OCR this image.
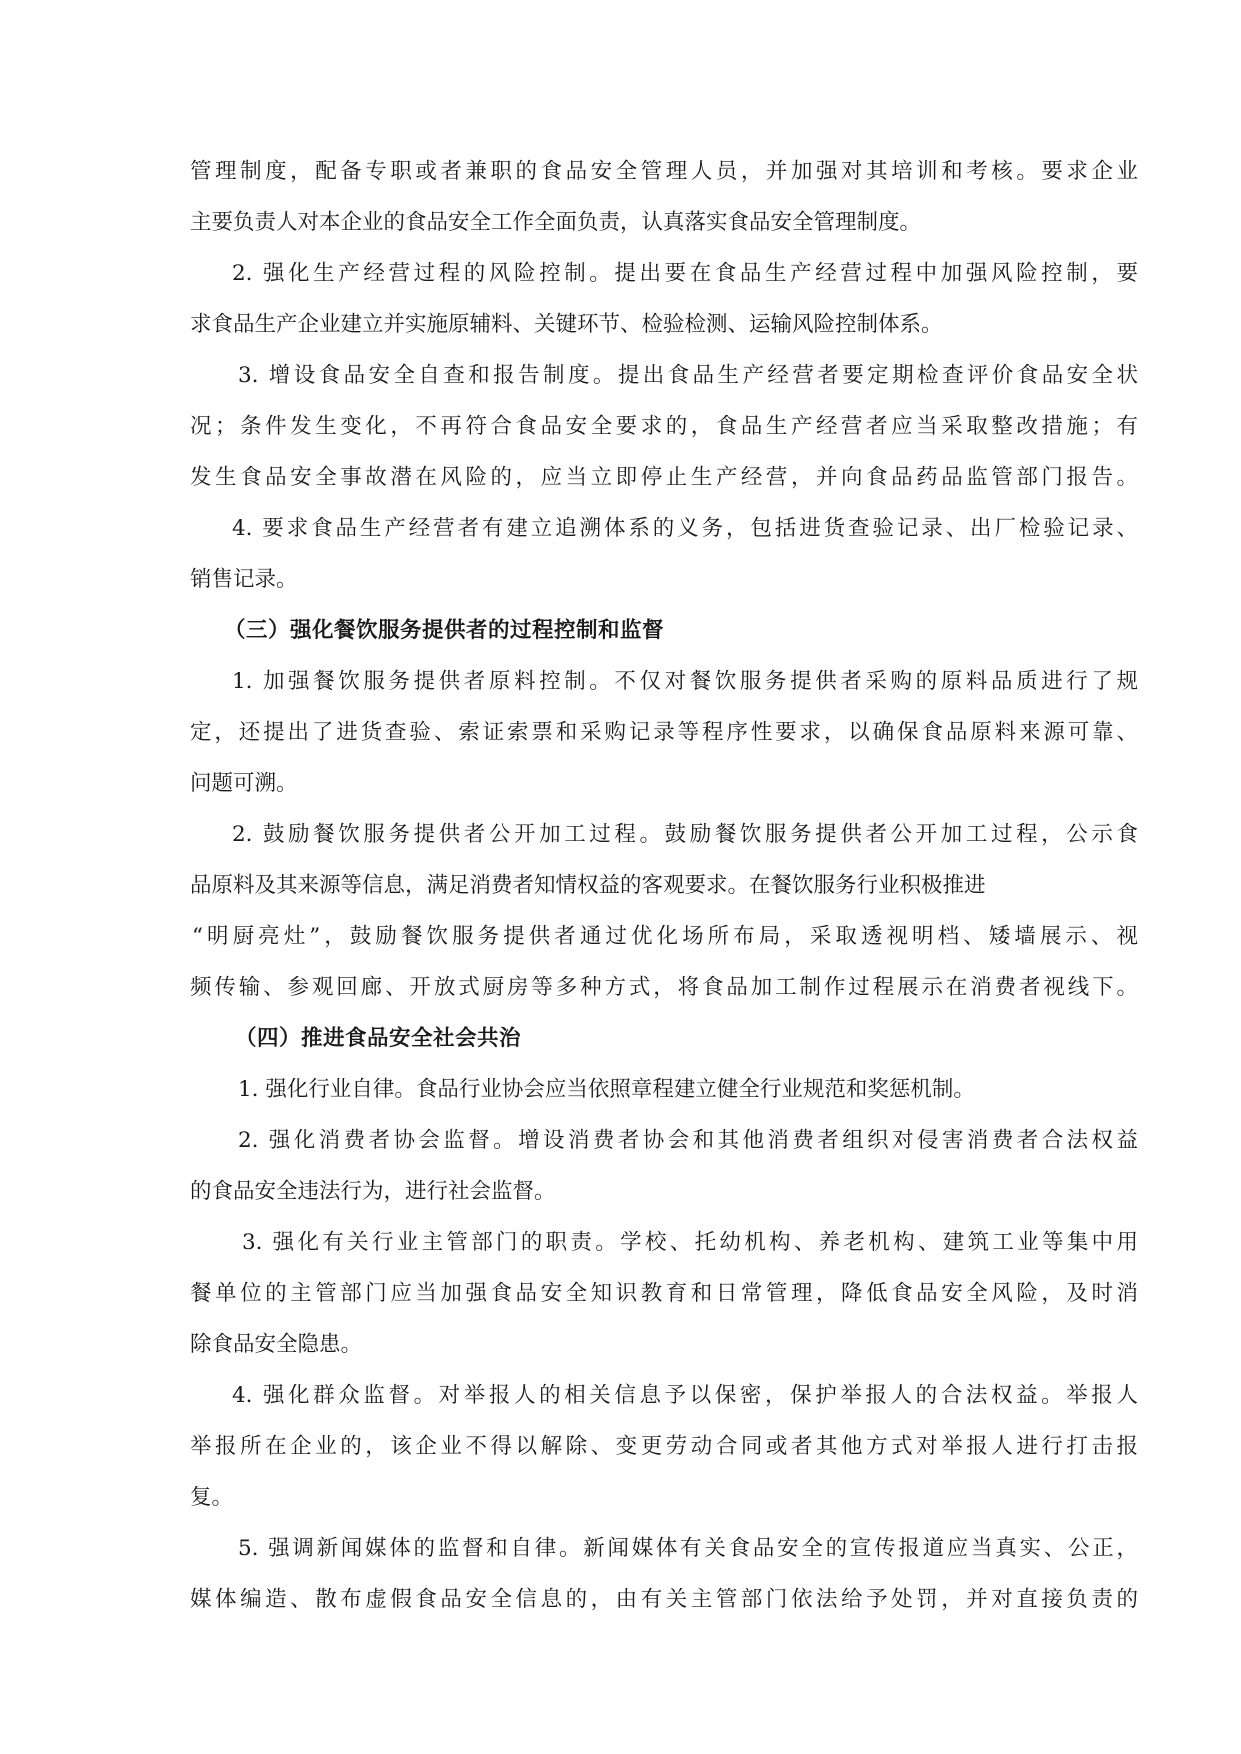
管理制度，配备专职或者兼职的食品安全管理人员，并加强对其培训和考核。要求企业
主要负责人对本企业的食品安全工作全面负责，认真落实食品安全管理制度。
2. 强化生产经营过程的风险控制。提出要在食品生产经营过程中加强风险控制，要
求食品生产企业建立并实施原辅料、关键环节、检验检测、运输风险控制体系。
3. 增设食品安全自查和报告制度。提出食品生产经营者要定期检查评价食品安全状
况；条件发生变化，不再符合食品安全要求的，食品生产经营者应当采取整改措施；有
发生食品安全事故潜在风险的，应当立即停止生产经营，并向食品药品监管部门报告。
4. 要求食品生产经营者有建立追溯体系的义务，包括进货查验记录、出厂检验记录、
销售记录。
（三）强化餐饮服务提供者的过程控制和监督
1. 加强餐饮服务提供者原料控制。不仅对餐饮服务提供者采购的原料品质进行了规
定，还提出了进货查验、索证索票和采购记录等程序性要求，以确保食品原料来源可靠、
问题可溯。
2. 鼓励餐饮服务提供者公开加工过程。鼓励餐饮服务提供者公开加工过程，公示食
品原料及其来源等信息，满足消费者知情权益的客观要求。在餐饮服务行业积极推进
“明厨亮灶”，鼓励餐饮服务提供者通过优化场所布局，采取透视明档、矮墙展示、视
频传输、参观回廊、开放式厨房等多种方式，将食品加工制作过程展示在消费者视线下。
（四）推进食品安全社会共治
1. 强化行业自律。食品行业协会应当依照章程建立健全行业规范和奖惩机制。
2. 强化消费者协会监督。增设消费者协会和其他消费者组织对侵害消费者合法权益
的食品安全违法行为，进行社会监督。
3. 强化有关行业主管部门的职责。学校、托幼机构、养老机构、建筑工业等集中用
餐单位的主管部门应当加强食品安全知识教育和日常管理，降低食品安全风险，及时消
除食品安全隐患。
4. 强化群众监督。对举报人的相关信息予以保密，保护举报人的合法权益。举报人
举报所在企业的，该企业不得以解除、变更劳动合同或者其他方式对举报人进行打击报
复。
5. 强调新闻媒体的监督和自律。新闻媒体有关食品安全的宣传报道应当真实、公正，
媒体编造、散布虚假食品安全信息的，由有关主管部门依法给予处罚，并对直接负责的
